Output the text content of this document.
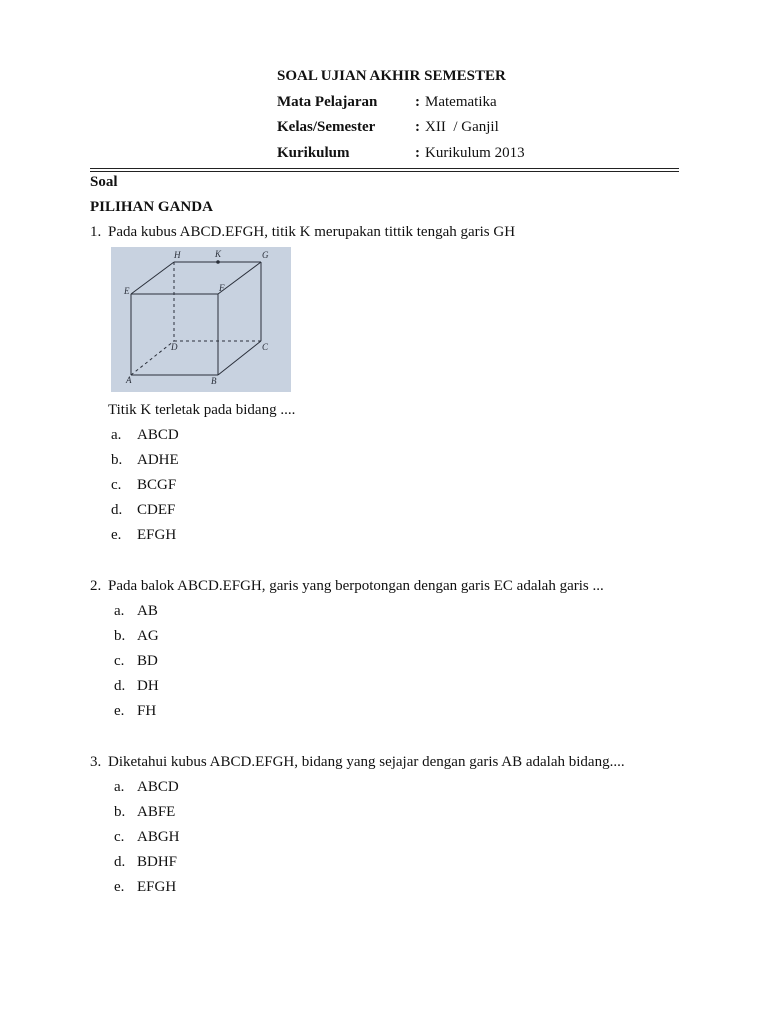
SOAL UJIAN AKHIR SEMESTER
Mata Pelajaran	: Matematika
Kelas/Semester	: XII  / Ganjil
Kurikulum	: Kurikulum 2013
Soal
PILIHAN GANDA
1. Pada kubus ABCD.EFGH, titik K merupakan tittik tengah garis GH
H	K	G
E	F
D	C
A	B
Titik K terletak pada bidang ....
a. ABCD
b. ADHE
c. BCGF
d. CDEF
e. EFGH
2. Pada balok ABCD.EFGH, garis yang berpotongan dengan garis EC adalah garis ...
a. AB
b. AG
c. BD
d. DH
e. FH
3. Diketahui kubus ABCD.EFGH, bidang yang sejajar dengan garis AB adalah bidang....
a. ABCD
b. ABFE
c. ABGH
d. BDHF
e. EFGH
